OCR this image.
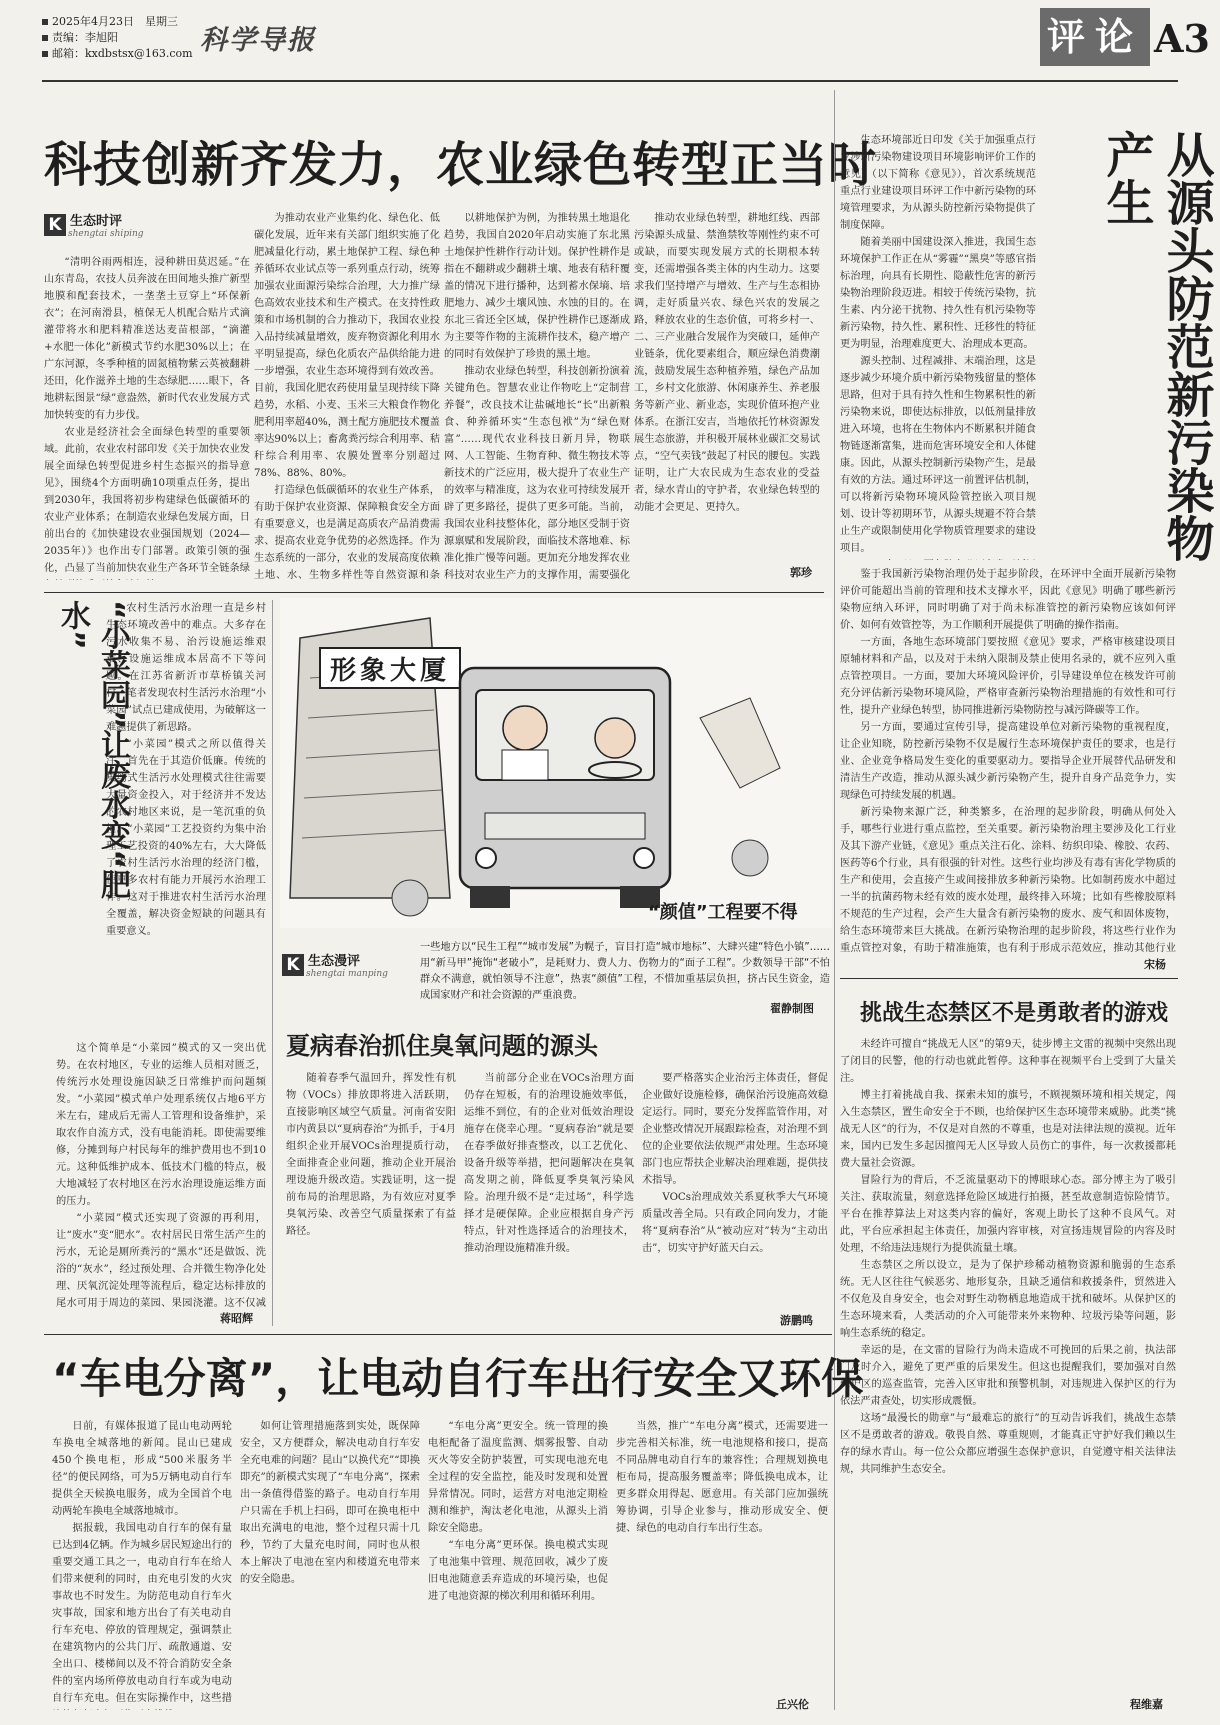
2025年4月23日　星期三
责编：李旭阳
邮箱：kxdbstsx@163.com 科学导报	评论 A3
科技创新齐发力，农业绿色转型正当时
K 生态时评
shengtai shiping

“清明谷雨两相连，浸种耕田莫迟延。”在山东青岛，农技人员奔波在田间地头推广新型地膜和配套技术，一垄垄土豆穿上“环保新衣”；在河南滑县，植保无人机配合贴片式滴灌带将水和肥料精准送达麦苗根部，“滴灌+水肥一体化”新模式节约水肥30%以上；在广东河源，冬季种植的固氮植物紫云英被翻耕还田，化作滋养土地的生态绿肥……眼下，各地耕耘图景“绿”意盎然，新时代农业发展方式加快转变的有力步伐。

农业是经济社会全面绿色转型的重要领域。此前，农业农村部印发《关于加快农业发展全面绿色转型促进乡村生态振兴的指导意见》，围绕4个方面明确10项重点任务，提出到2030年，我国将初步构建绿色低碳循环的农业产业体系；在制造农业绿色发展方面，日前出台的《加快建设农业强国规划（2024—2035年）》也作出专门部署。政策引领的强化，凸显了当前加快农业生产各环节全链条绿

为推动农业产业集约化、绿色化、低碳化发展，近年来有关部门组织实施了化肥减量化行动，累土地保护工程、绿色种养循环农业试点等一系列重点行动，统筹加强农业面源污染综合治理，大力推广绿色高效农业技术和生产模式。在支持性政策和市场机制的合力推动下，我国农业投入品持续减量增效，废弃物资源化利用水平明显提高，绿色化质农产品供给能力进一步增强，农业生态环境得到有效改善。目前，我国化肥农药使用量呈现持续下降趋势，水稻、小麦、玉米三大粮食作物化肥利用率超40%，测土配方施肥技术覆盖率达90%以上；畜禽粪污综合利用率、秸秆综合利用率、农膜处置率分别超过78%、88%、80%。

打造绿色低碳循环的农业生产体系，有助于保护农业资源、保障粮食安全方面有重要意义，也是满足高质农产品消费需求、提高农业竞争优势的必然选择。作为生态系统的一部分，农业的发展高度依赖土地、水、生物多样性等自然资源和条

以耕地保护为例，为推转黑土地退化趋势，我国自2020年启动实施了东北黑土地保护性耕作行动计划。保护性耕作是指在不翻耕或少翻耕土壤、地表有秸秆覆盖的情况下进行播种，达到蓄水保墒、培肥地力、减少土壤风蚀、水蚀的目的。在东北三省还全区域，保护性耕作已逐渐成为主要等作物的主流耕作技术，稳产增产的同时有效保护了珍贵的黑土地。

推动农业绿色转型，科技创新扮演着关键角色。智慧农业让作物吃上“定制营养餐”，改良技术让盐碱地长“长”出新粮食、种养循环实“生态包袱”为“绿色财富”……现代农业科技日新月异，物联网、人工智能、生物育种、微生物技术等新技术的广泛应用，极大提升了农业生产的效率与精准度，这为农业可持续发展开辟了更多路径，提供了更多可能。当前，我国农业科技整体化，部分地区受制于资源禀赋和发展阶段，面临技术落地难、标准化推广慢等问题。更加充分地发挥农业科技对农业生产力的支撑作用，需要强化

推动农业绿色转型，耕地红线、西部污染源头成量、禁渔禁牧等刚性约束不可或缺，而要实现发展方式的长期根本转变，还需增强各类主体的内生动力。这要求我们坚持增产与增效、生产与生态相协调，走好质量兴农、绿色兴农的发展之路，释放农业的生态价值，可将乡村一、二、三产业融合发展作为突破口，延伸产业链条，优化要素组合，顺应绿色消费潮流，鼓励发展生态种植养殖，绿色产品加工，乡村文化旅游、休闲康养生、养老服务等新产业、新业态，实现价值环抱产业体系。在浙江安吉，当地依托竹林资源发展生态旅游，并积极开展林业碳汇交易试点，“空气卖钱”鼓起了村民的腰包。实践证明，让广大农民成为生态农业的受益者，绿水青山的守护者，农业绿色转型的动能才会更足、更持久。

郭珍

生态环境部近日印发《关于加强重点行业涉新污染物建设项目环境影响评价工作的意见》（以下简称《意见》），首次系统规范重点行业建设项目环评工作中新污染物的环境管理要求，为从源头防控新污染物提供了制度保障。

随着美丽中国建设深入推进，我国生态环境保护工作正在从“雾霾”“黑臭”等感官指标治理，向具有长期性、隐蔽性危害的新污染物治理阶段迈进。相较于传统污染物，抗生素、内分泌干扰物、持久性有机污染物等新污染物，持久性、累积性、迁移性的特征更为明显，治理难度更大、治理成本更高。

源头控制、过程减排、末端治理，这是逐步减少环境介质中新污染物残留量的整体思路，但对于具有持久性和生物累积性的新污染物来说，即使达标排放，以低剂量排放进入环境，也将在生物体内不断累积并随食物链逐渐富集，进而危害环境安全和人体健康。因此，从源头控制新污染物产生，是最有效的方法。通过环评这一前置评估机制，可以将新污染物环境风险管控嵌入项目规划、设计等初期环节，从源头规避不符合禁止生产或限制使用化学物质管理要求的建设项目。	从源头防范新污染物产生

鉴于我国新污染物治理仍处于起步阶段，在环评中全面开展新污染物评价可能超出当前的管理和技术支撑水平，因此《意见》明确了哪些新污染物应纳入环评，同时明确了对于尚未标准管控的新污染物应该如何评价、如何有效管控等，为工作顺利开展提供了明确的操作指南。

一方面，各地生态环境部门要按照《意见》要求，严格审核建设项目原辅材料和产品，以及对于未纳入限制及禁止使用名录的，就不应列入重点管控项目。一方面，要加大环境风险评价，引导建设单位在核发许可前充分评估新污染物环境风险，严格审查新污染物治理措施的有效性和可行性，提升产业绿色转型，协同推进新污染物防控与减污降碳等工作。

另一方面，要通过宣传引导，提高建设单位对新污染物的重视程度，让企业知晓，防控新污染物不仅是履行生态环境保护责任的要求，也是行业、企业竞争格局发生变化的重要驱动力。要指导企业开展替代品研发和清洁生产改造，推动从源头减少新污染物产生，提升自身产品竞争力，实现绿色可持续发展的机遇。

新污染物来源广泛，种类繁多，在治理的起步阶段，明确从何处入手，哪些行业进行重点监控，至关重要。新污染物治理主要涉及化工行业及其下游产业链，《意见》重点关注石化、涂料、纺织印染、橡胶、农药、医药等6个行业，具有很强的针对性。这些行业均涉及有毒有害化学物质的生产和使用，会直接产生或间接排放多种新污染物。比如制药废水中超过一半的抗菌药物未经有效的废水处理，最终排入环境；比如有些橡胶原料不规范的生产过程，会产生大量含有新污染物的废水、废气和固体废物，给生态环境带来巨大挑战。在新污染物治理的起步阶段，将这些行业作为重点管控对象，有助于精准施策，也有利于形成示范效应，推动其他行业

宋杨
挑战生态禁区不是勇敢者的游戏

未经许可擅自“挑战无人区”的第9天，徒步博主文雷的视频中突然出现了闭目的民警，他的行动也就此暂停。这种事在视频平台上受到了大量关注。

博主打着挑战自我、探索未知的旗号，不顾视频环境和相关规定，闯入生态禁区，置生命安全于不顾，也给保护区生态环境带来威胁。此类“挑战无人区”的行为，不仅是对自然的不尊重，也是对法律法规的漠视。近年来，国内已发生多起因擅闯无人区导致人员伤亡的事件，每一次救援都耗费大量社会资源。

冒险行为的背后，不乏流量驱动下的博眼球心态。部分博主为了吸引关注、获取流量，刻意选择危险区域进行拍摄，甚至故意制造惊险情节。平台在推荐算法上对这类内容的偏好，客观上助长了这种不良风气。对此，平台应承担起主体责任，加强内容审核，对宣扬违规冒险的内容及时处理，不给违法违规行为提供流量土壤。

生态禁区之所以设立，是为了保护珍稀动植物资源和脆弱的生态系统。无人区往往气候恶劣、地形复杂，且缺乏通信和救援条件，贸然进入不仅危及自身安全，也会对野生动物栖息地造成干扰和破坏。从保护区的生态环境来看，人类活动的介入可能带来外来物种、垃圾污染等问题，影响生态系统的稳定。

幸运的是，在文雷的冒险行为尚未造成不可挽回的后果之前，执法部门及时介入，避免了更严重的后果发生。但这也提醒我们，要加强对自然保护区的巡查监管，完善入区审批和预警机制，对违规进入保护区的行为依法严肃查处，切实形成震慑。

这场“最漫长的勋章”与“最难忘的旅行”的互动告诉我们，挑战生态禁区不是勇敢者的游戏。敬畏自然、尊重规则，才能真正守护好我们赖以生存的绿水青山。每一位公众都应增强生态保护意识，自觉遵守相关法律法规，共同维护生态安全。

程维嘉
“小菜园”让废水变“肥水”	农村生活污水治理一直是乡村生态环境改善中的难点。大多存在污水收集不易、治污设施运维艰难、设施运维成本居高不下等问题。在江苏省新沂市草桥镇关河村，笔者发现农村生活污水治理“小菜园”试点已建成使用，为破解这一难题提供了新思路。

“小菜园”模式之所以值得关注，首先在于其造价低廉。传统的集约式生活污水处理模式往往需要大量资金投入，对于经济并不发达的农村地区来说，是一笔沉重的负担。“小菜园”工艺投资约为集中治理工艺投资的40%左右，大大降低了农村生活污水治理的经济门槛，使更多农村有能力开展污水治理工作。这对于推进农村生活污水治理全覆盖，解决资金短缺的问题具有重要意义。

这个简单是“小菜园”模式的又一突出优势。在农村地区，专业的运维人员相对匮乏，传统污水处理设施因缺乏日常维护而问题频发。“小菜园”模式单户处理系统仅占地6平方米左右，建成后无需人工管理和设备维护，采取农作自流方式，没有电能消耗。即使需要维修，分摊到每户村民每年的维护费用也不到10元。这种低维护成本、低技术门槛的特点，极大地减轻了农村地区在污水治理设施运维方面的压力。

“小菜园”模式还实现了资源的再利用，让“废水”变“肥水”。农村居民日常生活产生的污水，无论是厕所粪污的“黑水”还是做饭、洗浴的“灰水”，经过预处理、合并微生物净化处理、厌氧沉淀处理等流程后，稳定达标排放的尾水可用于周边的菜园、果园浇灌。这不仅减

蒋昭辉
形象大厦
“颜值”工程要不得
K 生态漫评
shengtai manping
一些地方以“民生工程”“城市发展”为幌子，盲目打造“城市地标”、大肆兴建“特色小镇”……用“新马甲”掩饰“老破小”，是耗财力、费人力、伤物力的“面子工程”。少数领导干部“不怕群众不满意，就怕领导不注意”，热衷“颜值”工程，不惜加重基层负担，挤占民生资金，造成国家财产和社会资源的严重浪费。
翟静制图
夏病春治抓住臭氧问题的源头

随着春季气温回升，挥发性有机物（VOCs）排放即将进入活跃期，直接影响区域空气质量。河南省安阳市内黄县以“夏病春治”为抓手，于4月组织企业开展VOCs治理提质行动，全面排查企业问题，推动企业开展治理设施升级改造。实践证明，这一提前布局的治理思路，为有效应对夏季臭氧污染、改善空气质量探索了有益路径。

当前部分企业在VOCs治理方面仍存在短板，有的治理设施效率低，运维不到位，有的企业对低效治理设施存在侥幸心理。“夏病春治”就是要在春季做好排查整改，以工艺优化、设备升级等举措，把问题解决在臭氧高发期之前，降低夏季臭氧污染风险。治理升级不是“走过场”，科学选择才是硬保障。企业应根据自身产污特点，针对性选择适合的治理技术，推动治理设施精准升级。

要严格落实企业治污主体责任，督促企业做好设施检修，确保治污设施高效稳定运行。同时，要充分发挥监管作用，对企业整改情况开展跟踪检查，对治理不到位的企业要依法依规严肃处理。生态环境部门也应帮扶企业解决治理难题，提供技术指导。

VOCs治理成效关系夏秋季大气环境质量改善全局。只有政企同向发力，才能将“夏病春治”从“被动应对”转为“主动出击”，切实守护好蓝天白云。

游鹏鸣
“车电分离”，让电动自行车出行安全又环保

日前，有媒体报道了昆山电动两轮车换电全城落地的新闻。昆山已建成450个换电柜，形成“500米服务半径”的便民网络，可为5万辆电动自行车提供全天候换电服务，成为全国首个电动两轮车换电全域落地城市。

据报载，我国电动自行车的保有量已达到4亿辆。作为城乡居民短途出行的重要交通工具之一，电动自行车在给人们带来便利的同时，由充电引发的火灾事故也不时发生。为防范电动自行车火灾事故，国家和地方出台了有关电动自行车充电、停放的管理规定，强调禁止在建筑物内的公共门厅、疏散通道、安全出口、楼梯间以及不符合消防安全条件的室内场所停放电动自行车或为电动自行车充电。但在实际操作中，这些措

如何让管理措施落到实处，既保障安全，又方便群众，解决电动自行车安全充电难的问题？昆山“以换代充”“即换即充”的新模式实现了“车电分离”，探索出一条值得借鉴的路子。电动自行车用户只需在手机上扫码，即可在换电柜中取出充满电的电池，整个过程只需十几秒，节约了大量充电时间，同时也从根本上解决了电池在室内和楼道充电带来的安全隐患。

“车电分离”更安全。统一管理的换电柜配备了温度监测、烟雾报警、自动灭火等安全防护装置，可实现电池充电全过程的安全监控，能及时发现和处置异常情况。同时，运营方对电池定期检测和维护，淘汰老化电池，从源头上消除安全隐患。

“车电分离”更环保。换电模式实现了电池集中管理、规范回收，减少了废旧电池随意丢弃造成的环境污染，也促进了电池资源的梯次利用和循环利用。

当然，推广“车电分离”模式，还需要进一步完善相关标准，统一电池规格和接口，提高不同品牌电动自行车的兼容性；合理规划换电柜布局，提高服务覆盖率；降低换电成本，让更多群众用得起、愿意用。有关部门应加强统筹协调，引导企业参与，推动形成安全、便捷、绿色的电动自行车出行生态。

丘兴伦
